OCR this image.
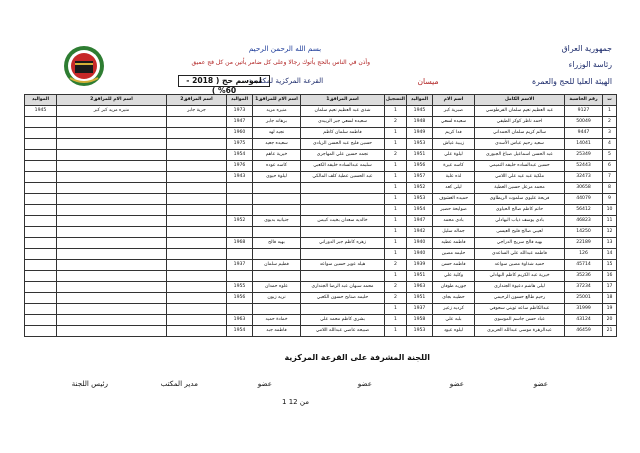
جمهورية العراق
رئاسة الوزراء
الهيئة العليا للحج والعمرة
بسم الله الرحمن الرحيم
وأذن في الناس بالحج يأتوك رجالا وعلى كل ضامر يأتين من كل فج عميق
القرعة المركزية لمكتب :	ميسان
لموسم حج ( 2018 - 60% )
ت	رقم الحاسبة	الاسم الكامل	اسم الام	المواليد	التسجيل	اسم المرافق1	اسم الام للمرافق1	المواليد	اسم المرافق2	اسم الام للمرافق2	المواليد
1	9127	عبد العظيم نعيم سلمان الفرطوسي	صبرية كبر	1945	1	شذى عبد العظيم نعيم سلمان	منيره مزيد	1973	جرية جابر	منيره مزيد كبر كبر	1945
2	50049	احمد ناظر كوكز الطيفي	سعيده لسعي	1948	2	سعيده لسعي جبر الزبيدي	برهانه جابر	1947			
3	9447	سالم كريم سلمان الحمداني	فدا كريم	1949	1	فاطمه سلمان كاظم	نجيه لهد	1960			
4	14041	سعيد رحيم عباس الأسدي	زبيبة عياش	1953	1	حسين فليح عبد الحسن الزيادي	سعيده جعيد	1975			
5	25349	عبد الحسن اسماعيل صباغ الجبوري	ليلوة علي	1951	2	نجمه حسين علي المهاجري	خيرية عاهم	1954			
6	52443	حسين عبدالساده خليفه التميمي	كاسه عيرة	1956	1	سليمه عبدالساده خليفه الكعبي	كاسه عوده	1976			
7	32473	ملكية عبد عيد علي اللامي	لذه علية	1957	1	عبد الحسين عطية كلف المالكي	ليلوة حيوي	1943			
8	30658	محمد مزعل حسين العطية	ليلى كعد	1952	1						
9	44079	فريحة عليوي سلموت الريطاوي	حميده الغشوف	1953	1						
10	56412	حاتم كاظم صالح الحياوي	صوايحة حضير	1954	1						
11	46823	بادي يوسف ذياب البهادلي	بادي محمد	1947	1	خالديه سعدان بخيت كبيس	جنيانيه بديوي	1952			
12	14250	لعيبي صالح فليح العيسى	جماله سليل	1942	1						
13	22189	بهيه فالح سريح الدراجي	فاطمه عطيه	1940	1	زهره كاظم جبر الدوراني	بهيه فالح	1968			
14	126	فاطمه عبدالله علي الساعدي	حليمه مصين	1940	1						
15	45714	حميد شذاوة مصين سواعد	فاطمه حسن	1939	2	هيله عويز حسين سواعد	فطيم سلمان	1937			
16	35236	خيرية عبد الكريم كاظم البهادلي	وكلية علي	1951	1						
17	37234	ليلى هاشم دعيوة الجنداري	جوريه طوفان	1963	2	محمد سبهان عبد الرضا الجنداري	علوه حمدان	1955			
18	25001	رحيم طالع حسون الرحيمي	حطيبه بجاي	1951	2	حليمه صنابح حسون الكعبي	نزيه زيون	1956			
19	31999	عبدالكاظم ساعد ثويني سحوفي	كرديه زعير	1937	1						
20	43124	عباد حسن جاسم الموسوي	بلبه علي	1958	1	بشرى كاظم محمد علي	خمادة حميد	1963			
21	46459	عبدالزهرة موسى عبدالله الحريزي	ليلوه عيود	1953	1	صبيحه عاصي عبدالله اللامي	فاطمه جبد	1954			
اللجنة المشرفة على القرعة المركزية
عضو
عضو
عضو
عضو
مدير المكتب
رئيس اللجنة
1 من 12
